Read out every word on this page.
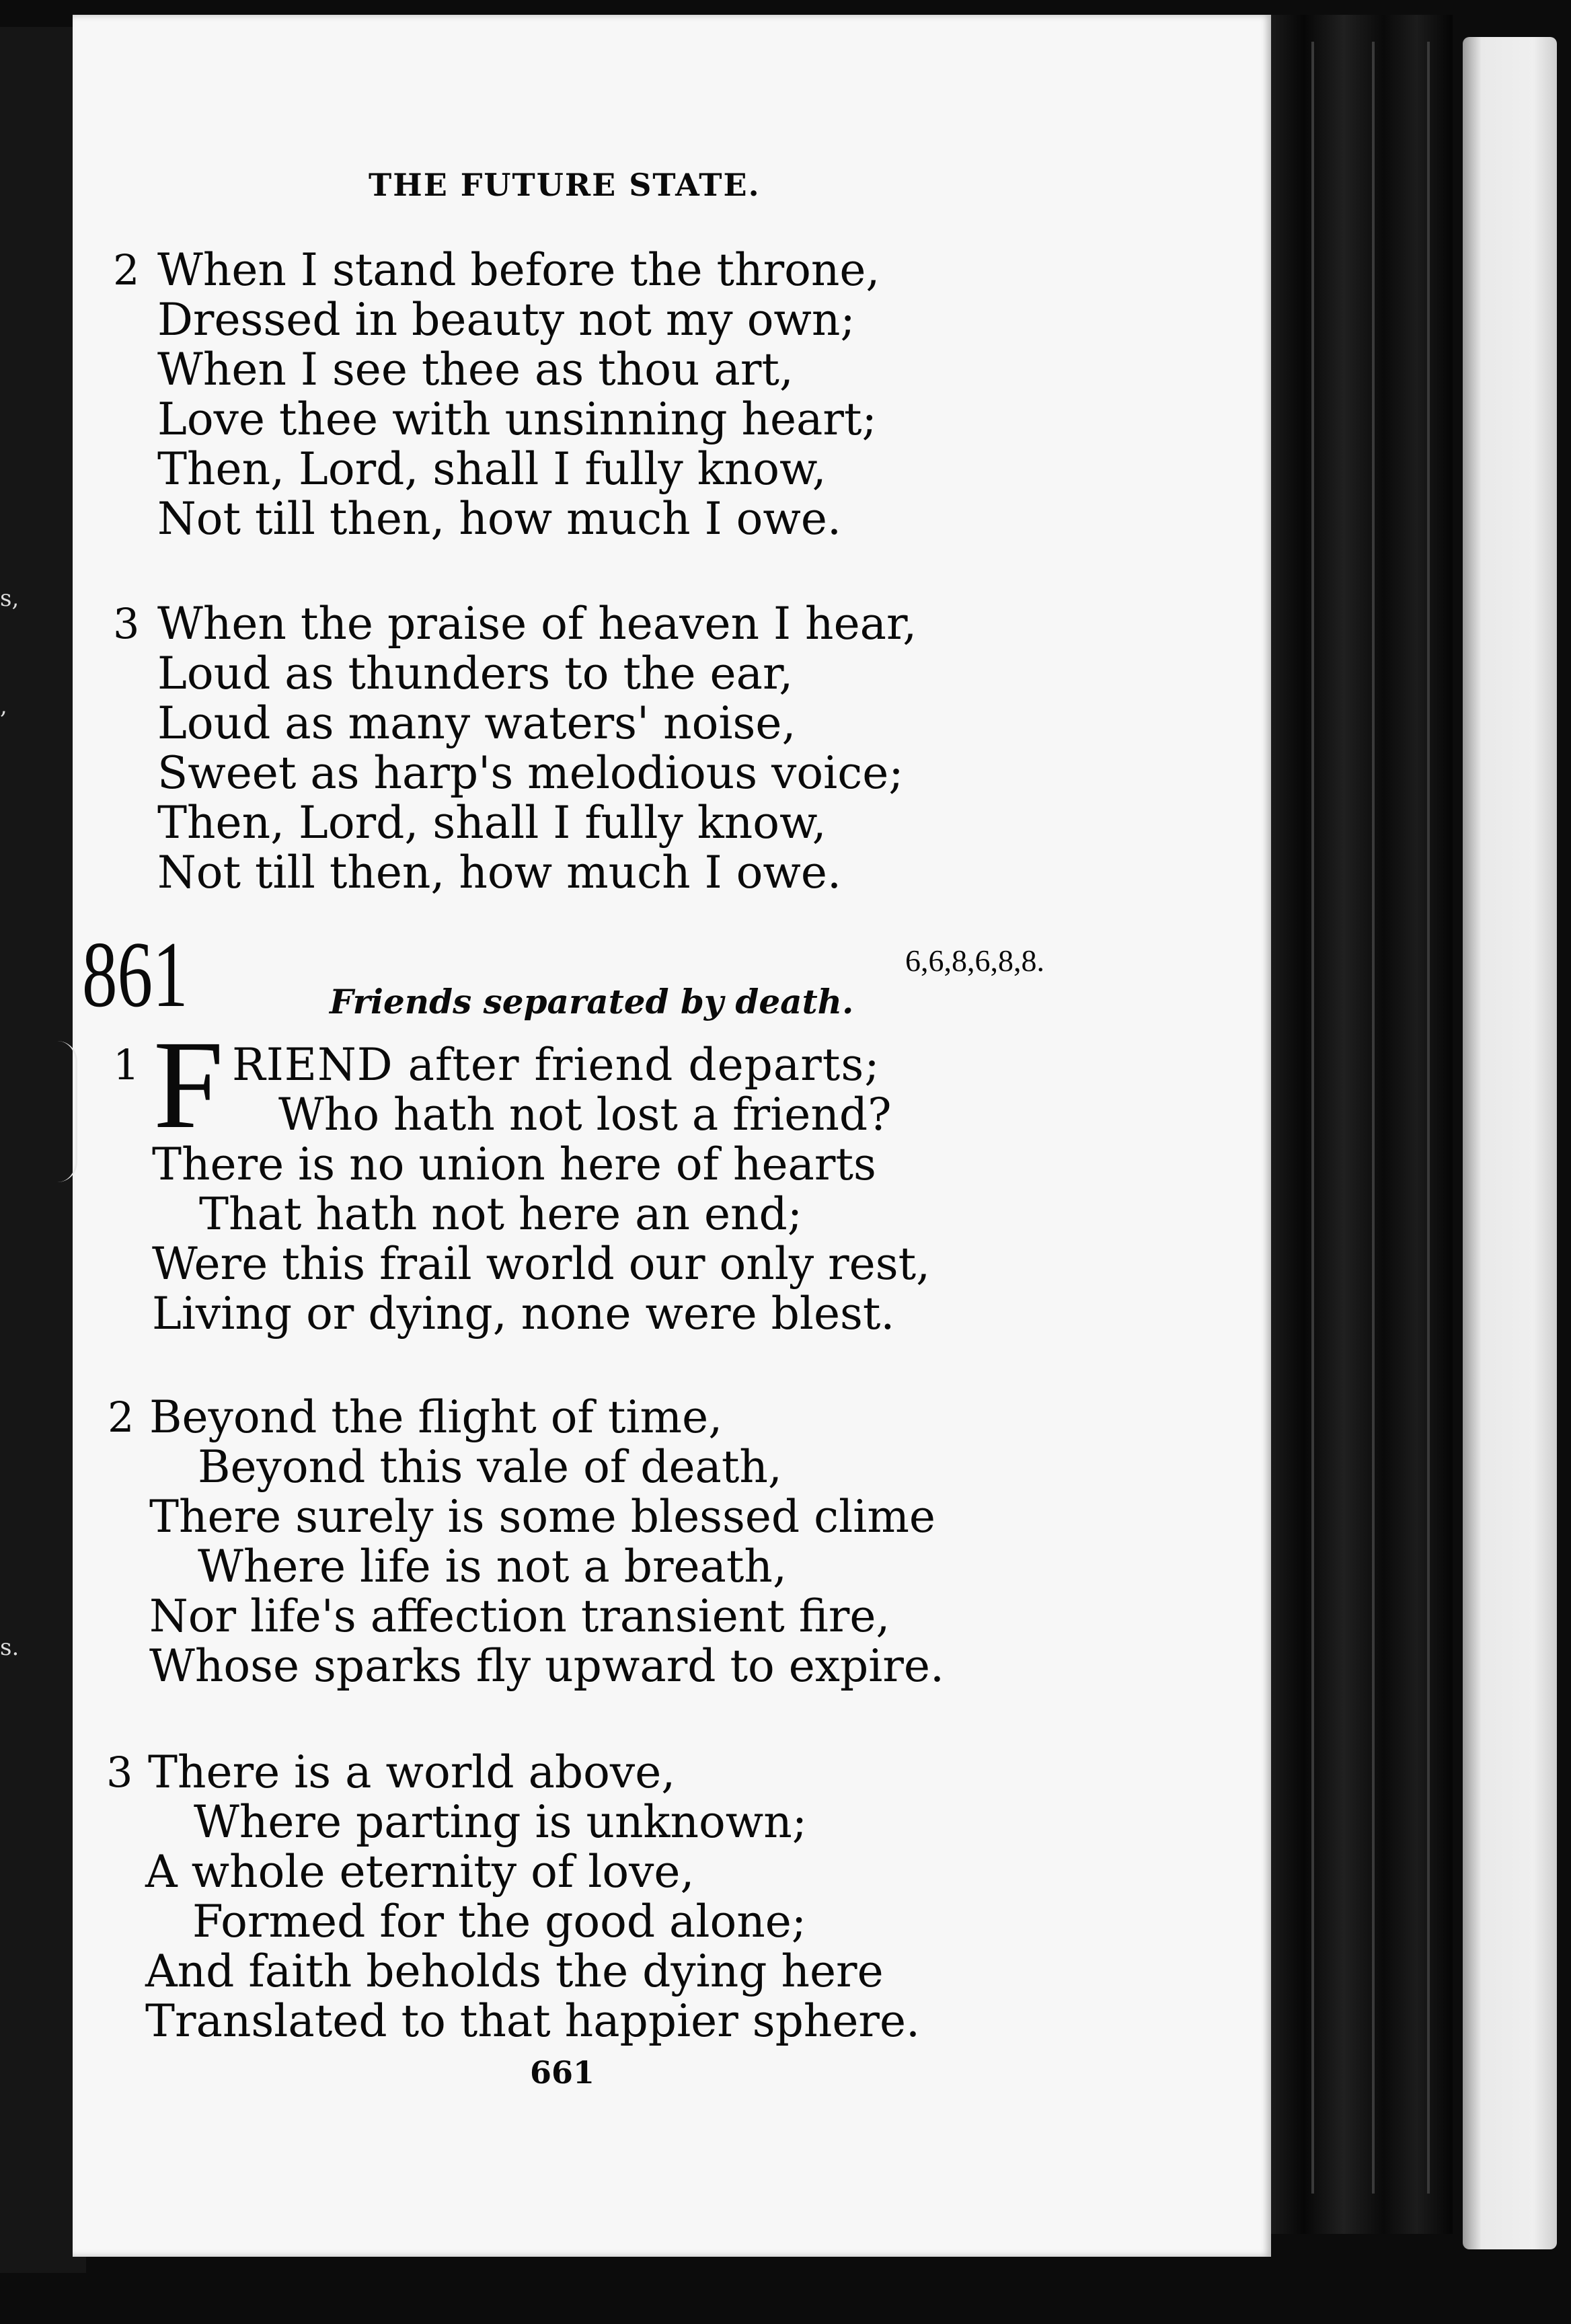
s,
,
s.
THE FUTURE STATE.
2 When I stand before the throne,
Dressed in beauty not my own;
When I see thee as thou art,
Love thee with unsinning heart;
Then, Lord, shall I fully know,
Not till then, how much I owe.
3 When the praise of heaven I hear,
Loud as thunders to the ear,
Loud as many waters' noise,
Sweet as harp's melodious voice;
Then, Lord, shall I fully know,
Not till then, how much I owe.
861	Friends separated by death.
6,6,8,6,8,8.
1 F RIEND after friend departs;
Who hath not lost a friend?
There is no union here of hearts
That hath not here an end;
Were this frail world our only rest,
Living or dying, none were blest.
2 Beyond the flight of time,
Beyond this vale of death,
There surely is some blessed clime
Where life is not a breath,
Nor life's affection transient fire,
Whose sparks fly upward to expire.
3 There is a world above,
Where parting is unknown;
A whole eternity of love,
Formed for the good alone;
And faith beholds the dying here
Translated to that happier sphere.
661
